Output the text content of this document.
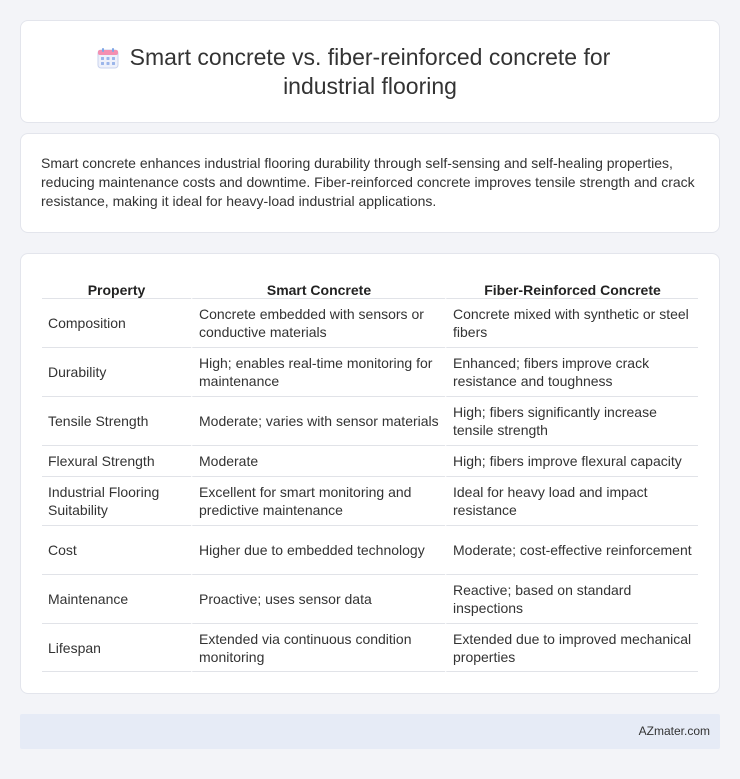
Smart concrete vs. fiber-reinforced concrete for industrial flooring

Smart concrete enhances industrial flooring durability through self-sensing and self-healing properties, reducing maintenance costs and downtime. Fiber-reinforced concrete improves tensile strength and crack resistance, making it ideal for heavy-load industrial applications.

Property	Smart Concrete	Fiber-Reinforced Concrete
Composition	Concrete embedded with sensors or conductive materials	Concrete mixed with synthetic or steel fibers
Durability	High; enables real-time monitoring for maintenance	Enhanced; fibers improve crack resistance and toughness
Tensile Strength	Moderate; varies with sensor materials	High; fibers significantly increase tensile strength
Flexural Strength	Moderate	High; fibers improve flexural capacity
Industrial Flooring Suitability	Excellent for smart monitoring and predictive maintenance	Ideal for heavy load and impact resistance
Cost	Higher due to embedded technology	Moderate; cost-effective reinforcement
Maintenance	Proactive; uses sensor data	Reactive; based on standard inspections
Lifespan	Extended via continuous condition monitoring	Extended due to improved mechanical properties
AZmater.com
